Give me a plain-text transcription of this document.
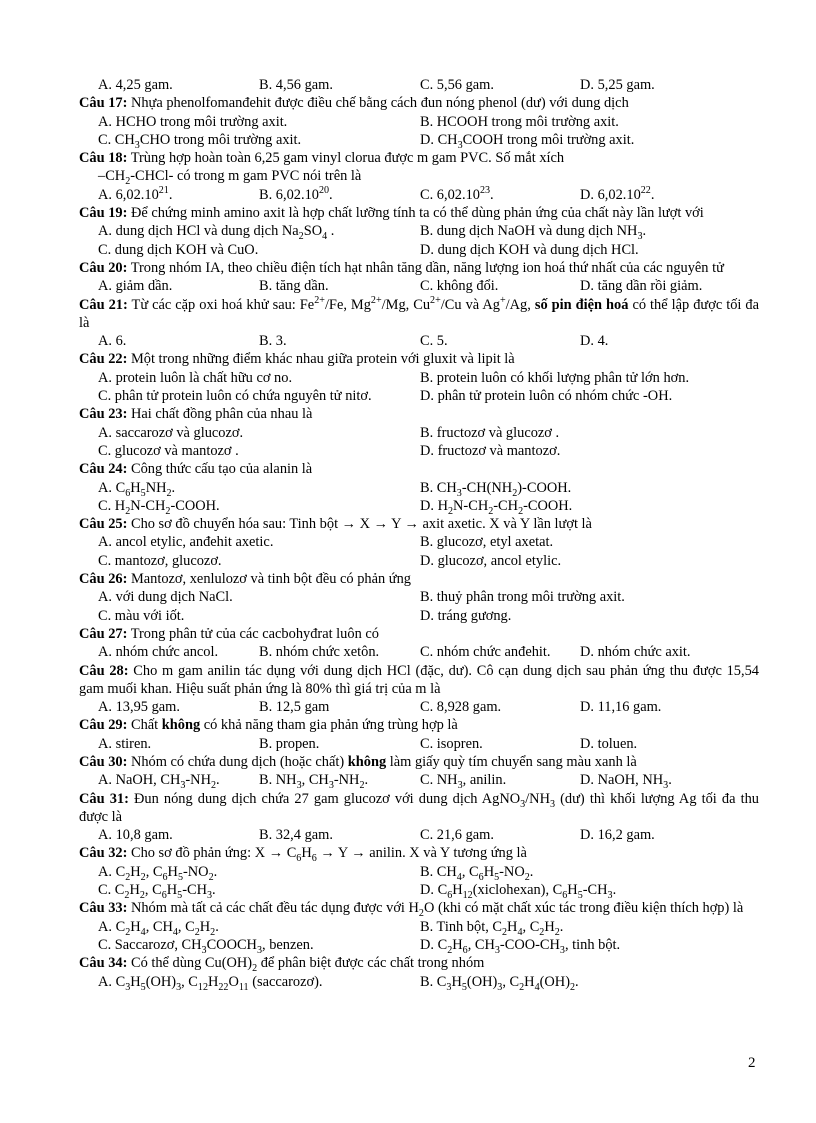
A. 4,25 gam.	B. 4,56 gam.	C. 5,56 gam.	D. 5,25 gam.
Câu 17: Nhựa phenolfomanđehit được điều chế bằng cách đun nóng phenol (dư) với dung dịch
A. HCHO trong môi trường axit.	B. HCOOH trong môi trường axit.
C. $CH_3CHO$ trong môi trường axit.	D. $CH_3COOH$ trong môi trường axit.
Câu 18: Trùng hợp hoàn toàn 6,25 gam vinyl clorua được m gam PVC. Số mắt xích
$-CH_2-CHCl-$ có trong m gam PVC nói trên là
A. 6,02.10$^{21}$.	B. 6,02.10$^{20}$.	C. 6,02.10$^{23}$.	D. 6,02.10$^{22}$.
Câu 19: Để chứng minh amino axit là hợp chất lưỡng tính ta có thể dùng phản ứng của chất này lần lượt với
A. dung dịch HCl và dung dịch $Na_2SO_4$ .	B. dung dịch NaOH và dung dịch $NH_3$.
C. dung dịch KOH và CuO.	D. dung dịch KOH và dung dịch HCl.
Câu 20: Trong nhóm IA, theo chiều điện tích hạt nhân tăng dần, năng lượng ion hoá thứ nhất của các nguyên tử
A. giảm dần.	B. tăng dần.	C. không đổi.	D. tăng dần rồi giảm.
Câu 21: Từ các cặp oxi hoá khử sau: $Fe^{2+}/Fe$, $Mg^{2+}/Mg$, $Cu^{2+}/Cu$ và Ag+/Ag, số pin điện hoá có thể lập được tối đa là
A. 6.	B. 3.	C. 5.	D. 4.
Câu 22: Một trong những điểm khác nhau giữa protein với gluxit và lipit là
A. protein luôn là chất hữu cơ no.	B. protein luôn có khối lượng phân tử lớn hơn.
C. phân tử protein luôn có chứa nguyên tử nitơ.	D. phân tử protein luôn có nhóm chức -OH.
Câu 23: Hai chất đồng phân của nhau là
A. saccarozơ và glucozơ.	B. fructozơ và glucozơ .
C. glucozơ và mantozơ .	D. fructozơ và mantozơ.
Câu 24: Công thức cấu tạo của alanin là
A. $C_6H_5NH_2$.	B. $CH_3-CH(NH_2)$-COOH.
C. $H_2N-CH_2$-COOH.	D. $H_2N-CH_2-CH_2$-COOH.
Câu 25: Cho sơ đồ chuyển hóa sau: Tinh bột → X → Y → axit axetic. X và Y lần lượt là
A. ancol etylic, anđehit axetic.	B. glucozơ, etyl axetat.
C. mantozơ, glucozơ.	D. glucozơ, ancol etylic.
Câu 26: Mantozơ, xenlulozơ và tinh bột đều có phản ứng
A. với dung dịch NaCl.	B. thuỷ phân trong môi trường axit.
C. màu với iốt.	D. tráng gương.
Câu 27: Trong phân tử của các cacbohyđrat luôn có
A. nhóm chức ancol.	B. nhóm chức xetôn.	C. nhóm chức anđehit.	D. nhóm chức axit.
Câu 28: Cho m gam anilin tác dụng với dung dịch HCl (đặc, dư). Cô cạn dung dịch sau phản ứng thu được 15,54 gam muối khan. Hiệu suất phản ứng là 80% thì giá trị của m là
A. 13,95 gam.	B. 12,5 gam	C. 8,928 gam.	D. 11,16 gam.
Câu 29: Chất không có khả năng tham gia phản ứng trùng hợp là
A. stiren.	B. propen.	C. isopren.	D. toluen.
Câu 30: Nhóm có chứa dung dịch (hoặc chất) không làm giấy quỳ tím chuyển sang màu xanh là
A. NaOH, $CH_3-NH_2$.	B. $NH_3$, $CH_3-NH_2$.	C. $NH_3$, anilin.	D. NaOH, $NH_3$.
Câu 31: Đun nóng dung dịch chứa 27 gam glucozơ với dung dịch $AgNO_3/NH_3$ (dư) thì khối lượng Ag tối đa thu được là
A. 10,8 gam.	B. 32,4 gam.	C. 21,6 gam.	D. 16,2 gam.
Câu 32: Cho sơ đồ phản ứng: $X \to C_6H_6 \to Y$ → anilin. X và Y tương ứng là
A. $C_2H_2$, $C_6H_5-NO_2$.	B. $CH_4$, $C_6H_5-NO_2$.
C. $C_2H_2$, $C_6H_5-CH_3$.	D. $C_6H_{12}(xiclohexan)$, $C_6H_5-CH_3$.
Câu 33: Nhóm mà tất cả các chất đều tác dụng được với $H_2O$ (khi có mặt chất xúc tác trong điều kiện thích hợp) là
A. $C_2H_4$, $CH_4$, $C_2H_2$.	B. Tinh bột, $C_2H_4$, $C_2H_2$.
C. Saccarozơ, $CH_3COOCH_3$, benzen.	D. $C_2H_6$, $CH_3-COO-CH_3$, tinh bột.
Câu 34: Có thể dùng $Cu(OH)_2$ để phân biệt được các chất trong nhóm
A. $C_3H_5(OH)_3$, $C_{12}H_{22}O_{11}$ (saccarozơ).	B. $C_3H_5(OH)_3$, $C_2H_4(OH)_2$.
2
